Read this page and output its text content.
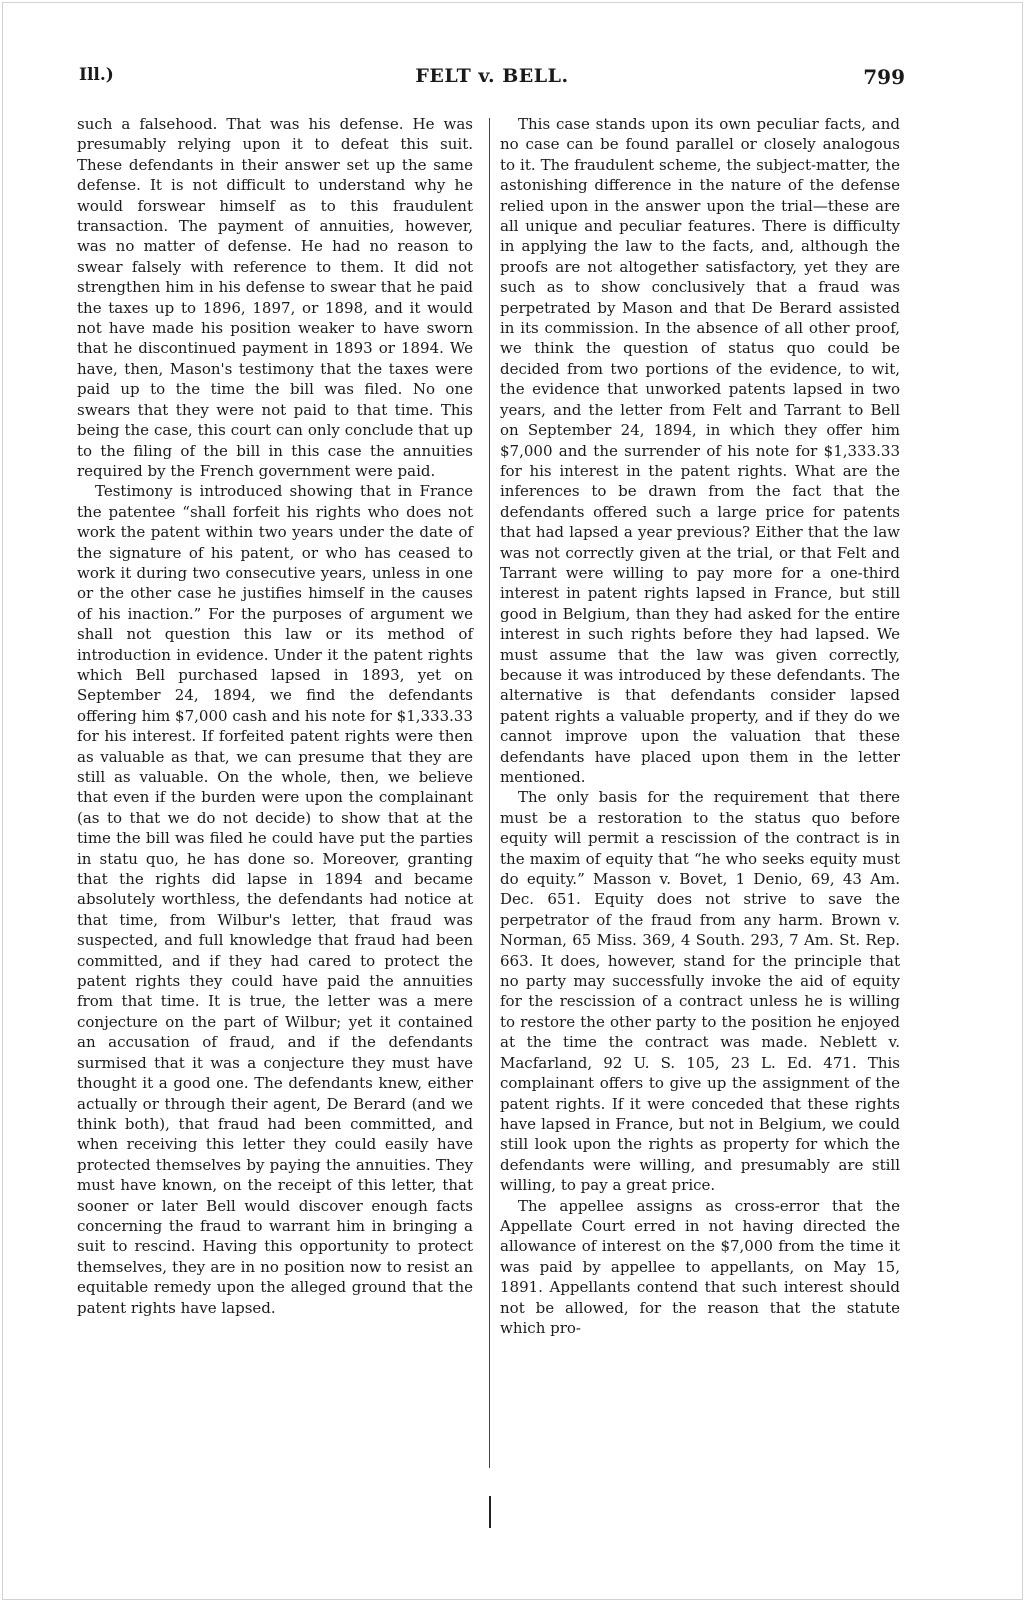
Ill.)	FELT v. BELL.	799

such a falsehood. That was his defense. He was presumably relying upon it to defeat this suit. These defendants in their answer set up the same defense. It is not difficult to understand why he would forswear himself as to this fraudulent transaction. The payment of annuities, however, was no matter of defense. He had no reason to swear falsely with reference to them. It did not strengthen him in his defense to swear that he paid the taxes up to 1896, 1897, or 1898, and it would not have made his position weaker to have sworn that he discontinued payment in 1893 or 1894. We have, then, Mason's testimony that the taxes were paid up to the time the bill was filed. No one swears that they were not paid to that time. This being the case, this court can only conclude that up to the filing of the bill in this case the annuities required by the French government were paid.

Testimony is introduced showing that in France the patentee “shall forfeit his rights who does not work the patent within two years under the date of the signature of his patent, or who has ceased to work it during two consecutive years, unless in one or the other case he justifies himself in the causes of his inaction.” For the purposes of argument we shall not question this law or its method of introduction in evidence. Under it the patent rights which Bell purchased lapsed in 1893, yet on September 24, 1894, we find the defendants offering him $7,000 cash and his note for $1,333.33 for his interest. If forfeited patent rights were then as valuable as that, we can presume that they are still as valuable. On the whole, then, we believe that even if the burden were upon the complainant (as to that we do not decide) to show that at the time the bill was filed he could have put the parties in statu quo, he has done so. Moreover, granting that the rights did lapse in 1894 and became absolutely worthless, the defendants had notice at that time, from Wilbur's letter, that fraud was suspected, and full knowledge that fraud had been committed, and if they had cared to protect the patent rights they could have paid the annuities from that time. It is true, the letter was a mere conjecture on the part of Wilbur; yet it contained an accusation of fraud, and if the defendants surmised that it was a conjecture they must have thought it a good one. The defendants knew, either actually or through their agent, De Berard (and we think both), that fraud had been committed, and when receiving this letter they could easily have protected themselves by paying the annuities. They must have known, on the receipt of this letter, that sooner or later Bell would discover enough facts concerning the fraud to warrant him in bringing a suit to rescind. Having this opportunity to protect themselves, they are in no position now to resist an equitable remedy upon the alleged ground that the patent rights have lapsed.

This case stands upon its own peculiar facts, and no case can be found parallel or closely analogous to it. The fraudulent scheme, the subject-matter, the astonishing difference in the nature of the defense relied upon in the answer upon the trial—these are all unique and peculiar features. There is difficulty in applying the law to the facts, and, although the proofs are not altogether satisfactory, yet they are such as to show conclusively that a fraud was perpetrated by Mason and that De Berard assisted in its commission. In the absence of all other proof, we think the question of status quo could be decided from two portions of the evidence, to wit, the evidence that unworked patents lapsed in two years, and the letter from Felt and Tarrant to Bell on September 24, 1894, in which they offer him $7,000 and the surrender of his note for $1,333.33 for his interest in the patent rights. What are the inferences to be drawn from the fact that the defendants offered such a large price for patents that had lapsed a year previous? Either that the law was not correctly given at the trial, or that Felt and Tarrant were willing to pay more for a one-third interest in patent rights lapsed in France, but still good in Belgium, than they had asked for the entire interest in such rights before they had lapsed. We must assume that the law was given correctly, because it was introduced by these defendants. The alternative is that defendants consider lapsed patent rights a valuable property, and if they do we cannot improve upon the valuation that these defendants have placed upon them in the letter mentioned.

The only basis for the requirement that there must be a restoration to the status quo before equity will permit a rescission of the contract is in the maxim of equity that “he who seeks equity must do equity.” Masson v. Bovet, 1 Denio, 69, 43 Am. Dec. 651. Equity does not strive to save the perpetrator of the fraud from any harm. Brown v. Norman, 65 Miss. 369, 4 South. 293, 7 Am. St. Rep. 663. It does, however, stand for the principle that no party may successfully invoke the aid of equity for the rescission of a contract unless he is willing to restore the other party to the position he enjoyed at the time the contract was made. Neblett v. Macfarland, 92 U. S. 105, 23 L. Ed. 471. This complainant offers to give up the assignment of the patent rights. If it were conceded that these rights have lapsed in France, but not in Belgium, we could still look upon the rights as property for which the defendants were willing, and presumably are still willing, to pay a great price.

The appellee assigns as cross-error that the Appellate Court erred in not having directed the allowance of interest on the $7,000 from the time it was paid by appellee to appellants, on May 15, 1891. Appellants contend that such interest should not be allowed, for the reason that the statute which pro-
